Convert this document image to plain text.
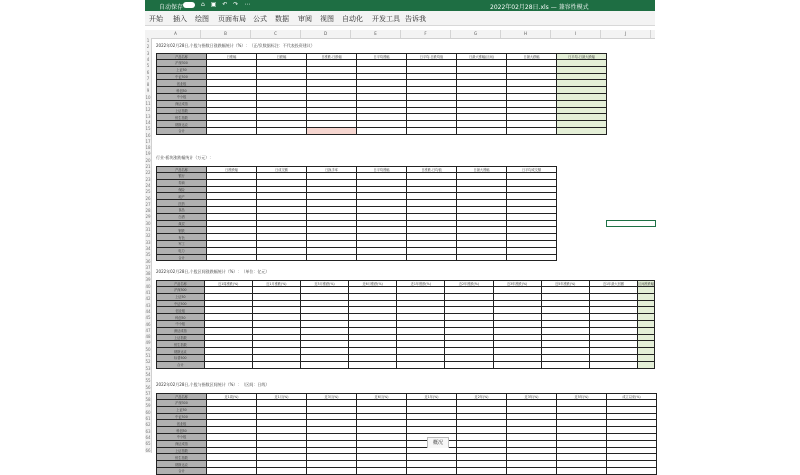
自动保存	⌂ ▣ ↶ ↷ ⋯	2022年02月28日.xls — 兼容性模式
开始 插入 绘图 页面布局 公式 数据 审阅 视图 自动化 开发工具 告诉我
A	B	C	D	E	F	G	H	I	J
1
2
3
4
5
6
7
8
9
10
11
12
13
14
15
16
17
18
19
20
21
22
23
24
25
26
27
28
29
30
31
32
33
34
35
36
37
38
39
40
41
42
43
44
45
46
47
48
49
50
51
52
53
54
55
56
57
58
59
60
61
62
63
64
65
66
2022年02月28日,个股与指数日涨跌幅统计（%）：（正/负数据标注：不代表投资建议）
产品名称	日涨幅	日跌幅	日涨跌-日跌幅	日平均涨幅	日平均-日跌均值	日最大涨幅(区间)	日最大跌幅	日平均-日最大跌幅
沪深300								
上证50								
中证500								
创业板								
科创50								
中小板								
深证成指								
上证指数								
恒生指数								
纳斯达克								
合计								
行业·板块涨跌幅统计（万元）：
产品名称	日涨跌幅	日成交额	日换手率	日平均涨幅	日涨跌-日均值	日最大涨幅	日平均成交额
银行							
券商							
保险							
地产							
医药							
食品							
白酒							
煤炭							
钢铁							
有色							
军工							
电力							
合计							
2022年02月28日,个股区间涨跌幅统计（%）：（单位：亿元）
产品名称	近1周涨跌(%)	近1月涨跌(%)	近3月涨跌(%)	近6月涨跌(%)	近1年涨跌(%)	近2年涨跌(%)	近3年涨跌(%)	近5年涨跌(%)	近1年最大回撤	区间涨跌幅
沪深300										
上证50										
中证500										
创业板										
科创50										
中小板										
深证成指										
上证指数										
恒生指数										
纳斯达克										
标普500										
合计										
2022年02月28日,个股与指数区间统计（%）：（区间：日线）
产品名称	近1周(%)	近1月(%)	近3月(%)	近6月(%)	近1年(%)	近2年(%)	近3年(%)	近5年(%)	成立以来(%)
沪深300									
上证50									
中证500									
创业板									
科创50									
中小板									
深证成指									
上证指数									
恒生指数									
纳斯达克									
合计									
概况
